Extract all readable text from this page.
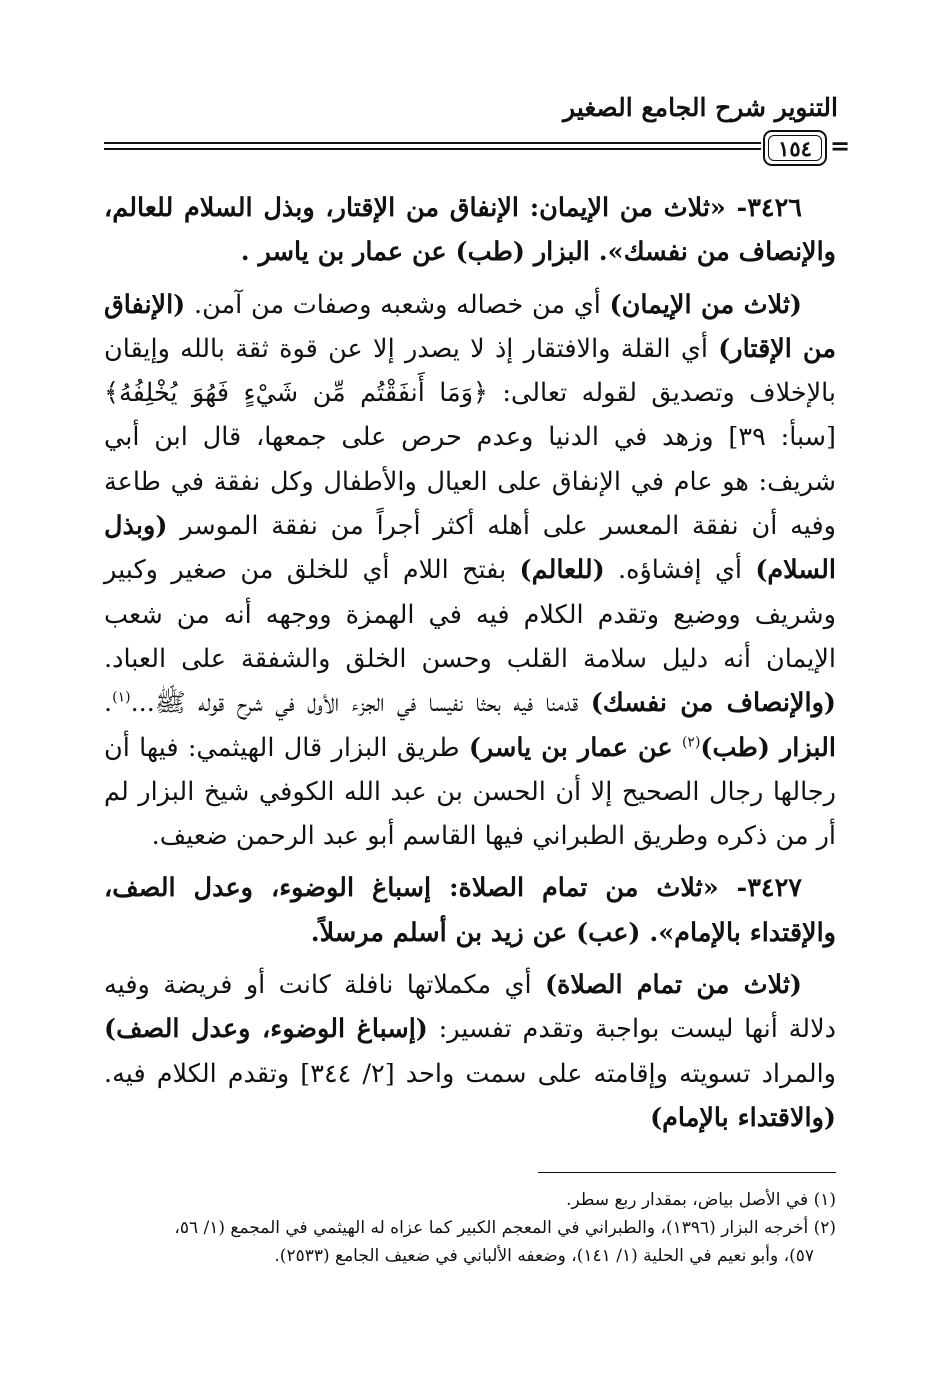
التنوير شرح الجامع الصغير
١٥٤ =

٣٤٢٦- «ثلاث من الإيمان: الإنفاق من الإقتار، وبذل السلام للعالم، والإنصاف من نفسك». البزار (طب) عن عمار بن ياسر .

(ثلاث من الإيمان) أي من خصاله وشعبه وصفات من آمن. (الإنفاق من الإقتار) أي القلة والافتقار إذ لا يصدر إلا عن قوة ثقة بالله وإيقان بالإخلاف وتصديق لقوله تعالى: ﴿وَمَا أَنفَقْتُم مِّن شَيْءٍ فَهُوَ يُخْلِفُهُ﴾ [سبأ: ٣٩] وزهد في الدنيا وعدم حرص على جمعها، قال ابن أبي شريف: هو عام في الإنفاق على العيال والأطفال وكل نفقة في طاعة وفيه أن نفقة المعسر على أهله أكثر أجراً من نفقة الموسر (وبذل السلام) أي إفشاؤه. (للعالم) بفتح اللام أي للخلق من صغير وكبير وشريف ووضيع وتقدم الكلام فيه في الهمزة ووجهه أنه من شعب الإيمان أنه دليل سلامة القلب وحسن الخلق والشفقة على العباد. (والإنصاف من نفسك) قدمنا فيه بحثا نفيسا في الجزء الأول في شرح قوله ﷺ...$^{(١)}$. البزار (طب)$^{(٢)}$ عن عمار بن ياسر) طريق البزار قال الهيثمي: فيها أن رجالها رجال الصحيح إلا أن الحسن بن عبد الله الكوفي شيخ البزار لم أر من ذكره وطريق الطبراني فيها القاسم أبو عبد الرحمن ضعيف.

٣٤٢٧- «ثلاث من تمام الصلاة: إسباغ الوضوء، وعدل الصف، والإقتداء بالإمام». (عب) عن زيد بن أسلم مرسلاً.

(ثلاث من تمام الصلاة) أي مكملاتها نافلة كانت أو فريضة وفيه دلالة أنها ليست بواجبة وتقدم تفسير: (إسباغ الوضوء، وعدل الصف) والمراد تسويته وإقامته على سمت واحد [٢/ ٣٤٤] وتقدم الكلام فيه. (والاقتداء بالإمام)

(١) في الأصل بياض، بمقدار ربع سطر.

(٢) أخرجه البزار (١٣٩٦)، والطبراني في المعجم الكبير كما عزاه له الهيثمي في المجمع (١/ ٥٦،
٥٧)، وأبو نعيم في الحلية (١/ ١٤١)، وضعفه الألباني في ضعيف الجامع (٢٥٣٣).
